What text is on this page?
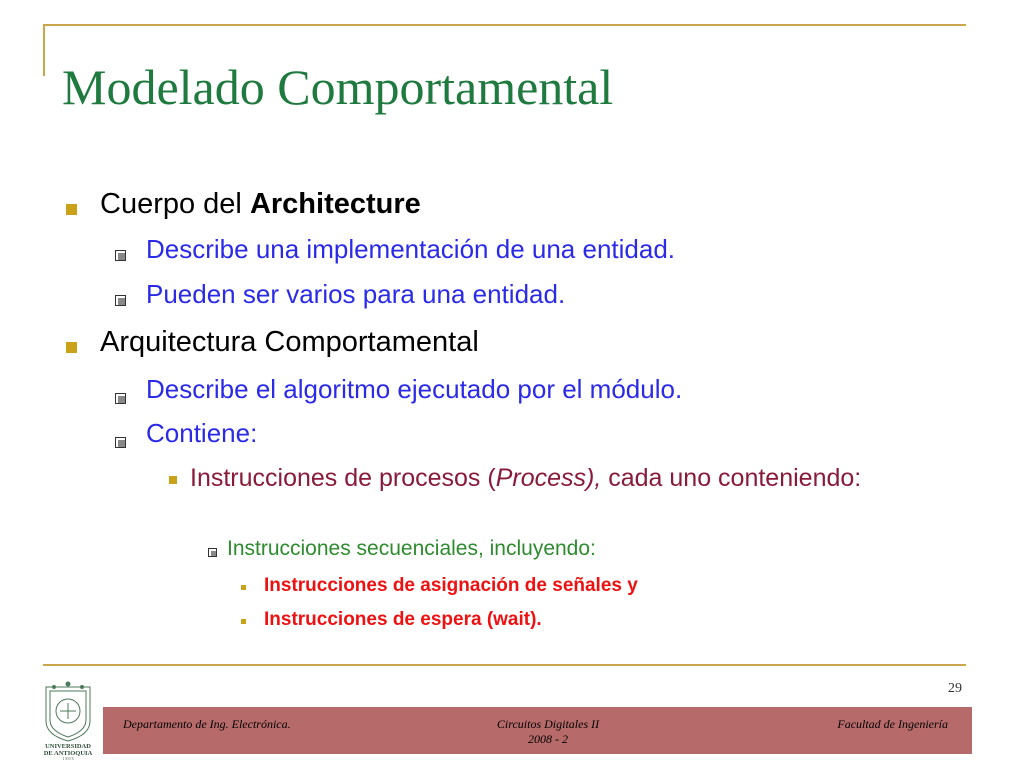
Modelado Comportamental
Cuerpo del Architecture
Describe una implementación de una entidad.
Pueden ser varios para una entidad.
Arquitectura Comportamental
Describe el algoritmo ejecutado por el módulo.
Contiene:

Instrucciones de procesos (Process), cada uno conteniendo:

Instrucciones secuenciales, incluyendo:
Instrucciones de asignación de señales y
Instrucciones de espera (wait).
29
UNIVERSIDAD
DE ANTIOQUIA
1 8 0 3
Departamento de Ing. Electrónica.	Circuitos Digitales II
2008 - 2
Facultad de Ingeniería
